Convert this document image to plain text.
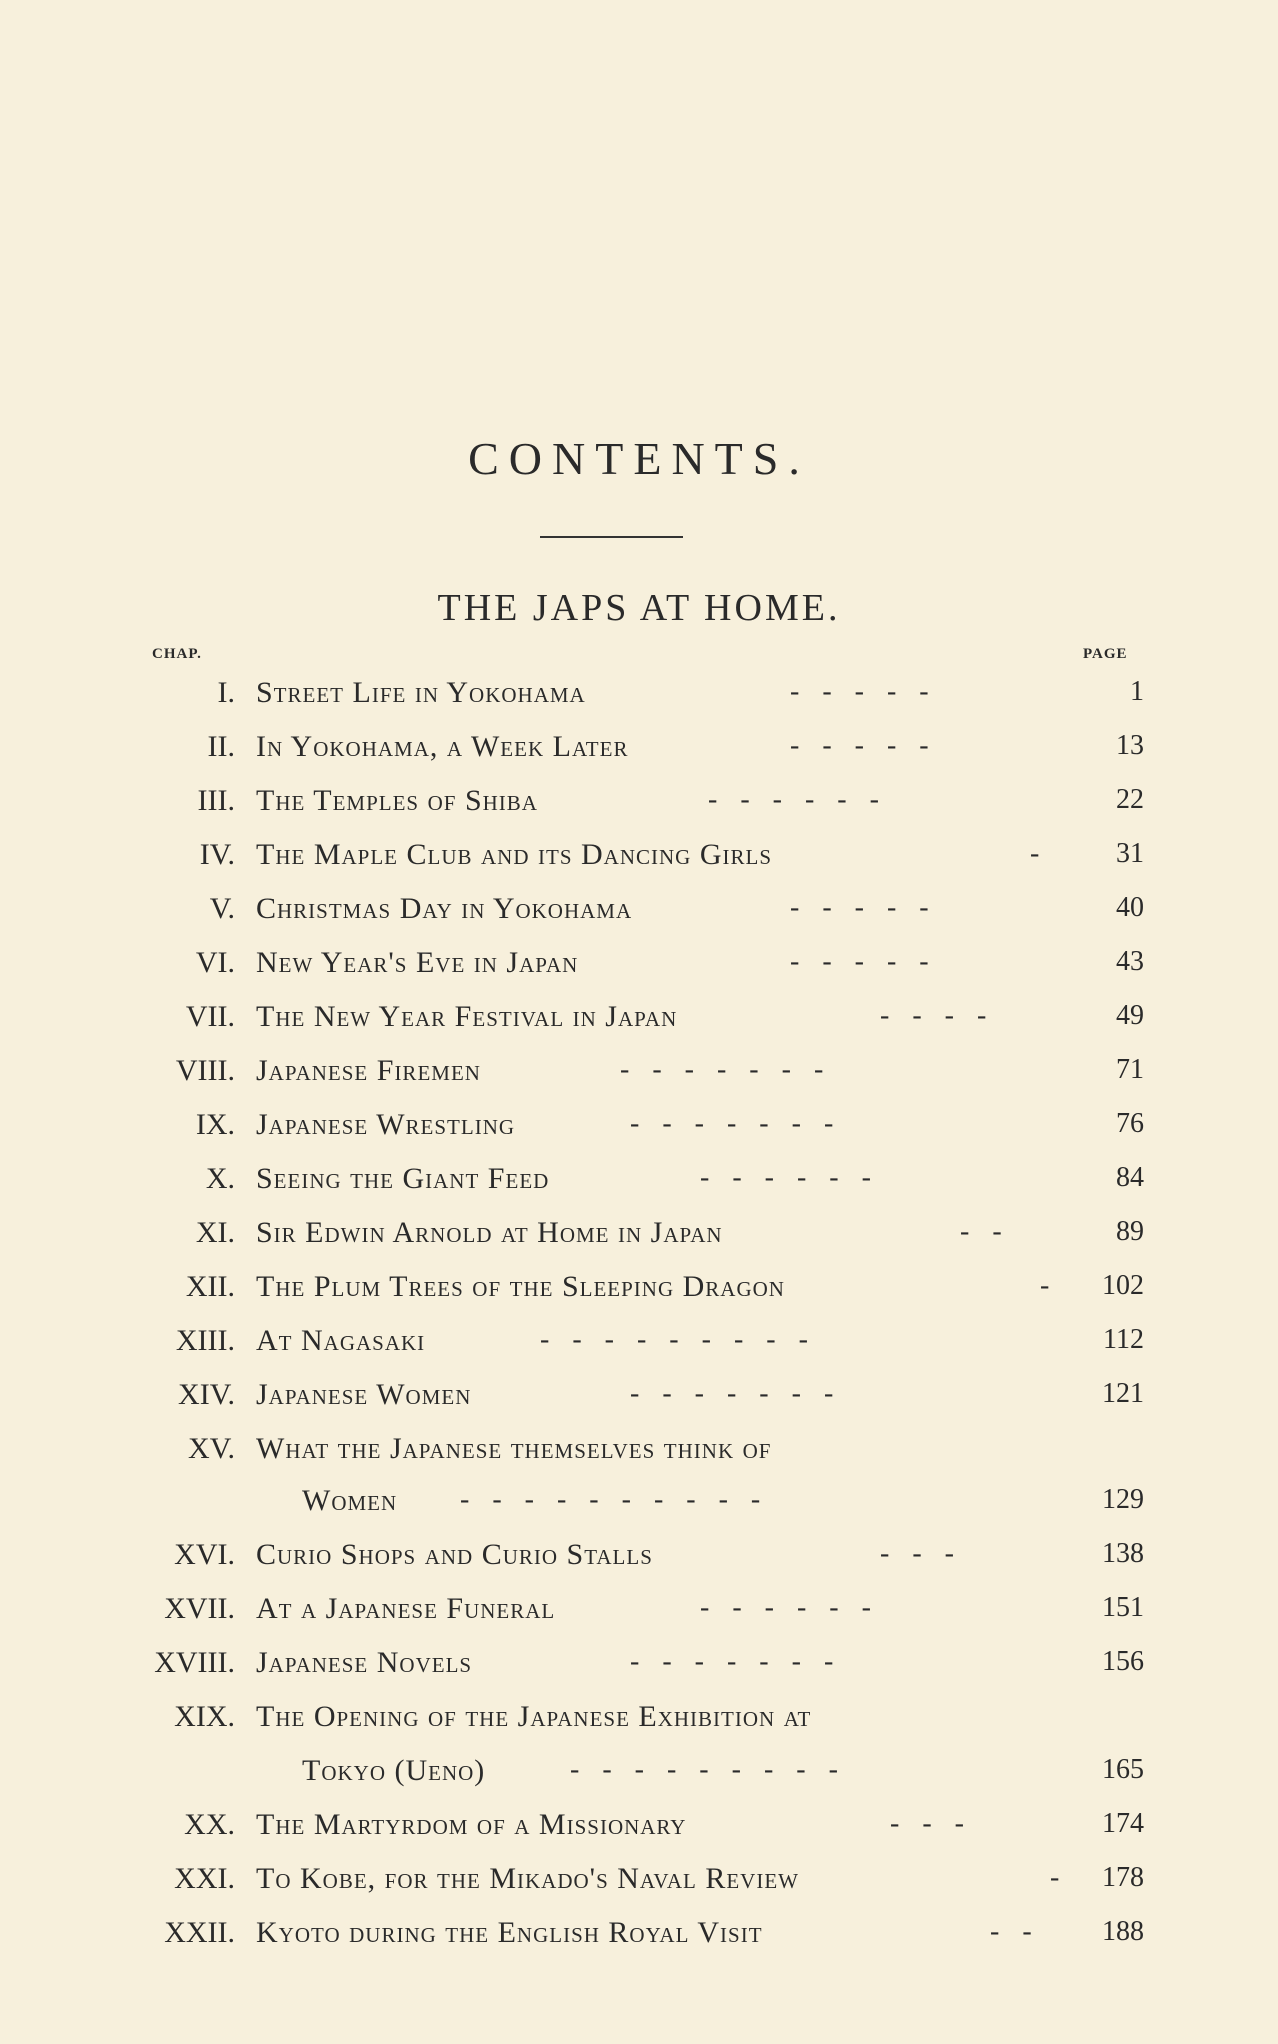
CONTENTS.
THE JAPS AT HOME.
CHAP.	PAGE
I. Street Life in Yokohama	- - - - -	1
II. In Yokohama, a Week Later	- - - - -	13
III. The Temples of Shiba	- - - - - -	22
IV. The Maple Club and its Dancing Girls	-	31
V. Christmas Day in Yokohama	- - - - -	40
VI. New Year's Eve in Japan	- - - - -	43
VII. The New Year Festival in Japan	- - - -	49
VIII. Japanese Firemen	- - - - - - -	71
IX. Japanese Wrestling	- - - - - - -	76
X. Seeing the Giant Feed	- - - - - -	84
XI. Sir Edwin Arnold at Home in Japan	- -	89
XII. The Plum Trees of the Sleeping Dragon	-	102
XIII. At Nagasaki	- - - - - - - - -	112
XIV. Japanese Women	- - - - - - -	121
XV. What the Japanese themselves think of
Women - - - - - - - - - -	129
XVI. Curio Shops and Curio Stalls	- - -	138
XVII. At a Japanese Funeral	- - - - - -	151
XVIII. Japanese Novels	- - - - - - -	156
XIX. The Opening of the Japanese Exhibition at
Tokyo (Ueno)	- - - - - - - - -	165
XX. The Martyrdom of a Missionary	- - -	174
XXI. To Kobe, for the Mikado's Naval Review	-	178
XXII. Kyoto during the English Royal Visit	- -	188
